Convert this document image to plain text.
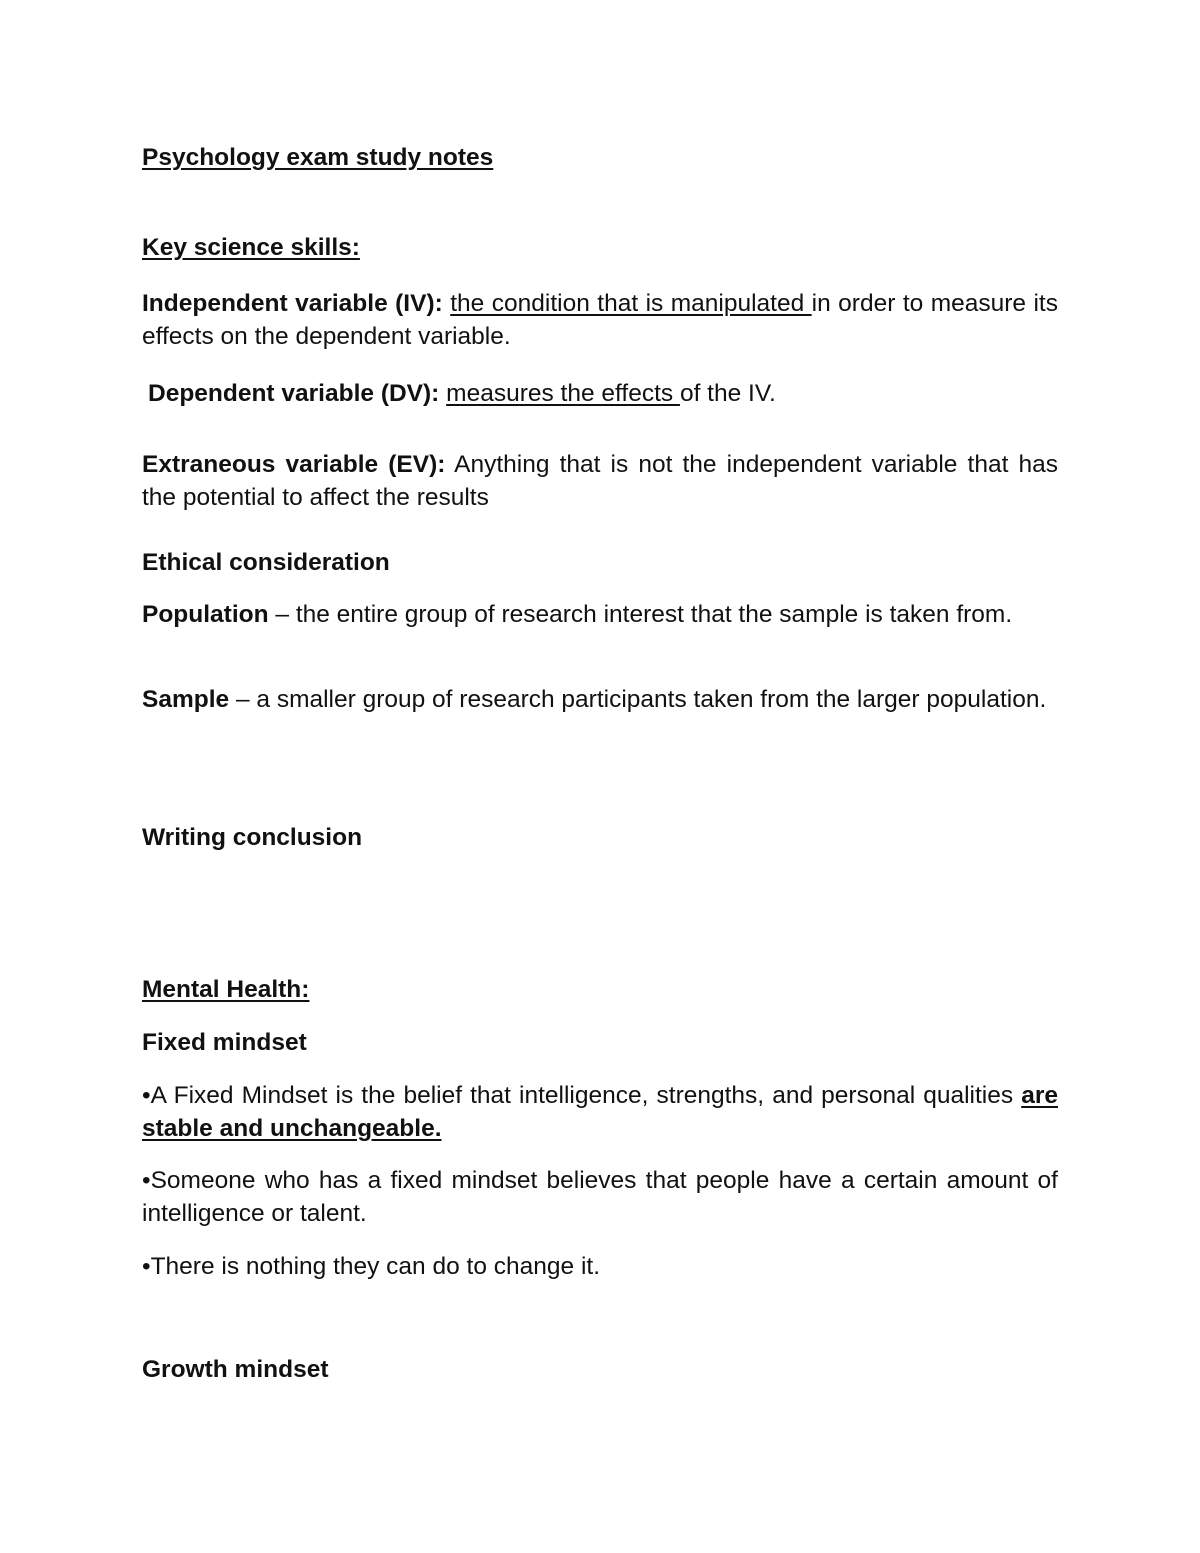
Psychology exam study notes

Key science skills:

Independent variable (IV): the condition that is manipulated in order to measure its effects on the dependent variable.

Dependent variable (DV): measures the effects of the IV.

Extraneous variable (EV): Anything that is not the independent variable that has the potential to affect the results

Ethical consideration

Population – the entire group of research interest that the sample is taken from.

Sample – a smaller group of research participants taken from the larger population.

Writing conclusion

Mental Health:

Fixed mindset

•A Fixed Mindset is the belief that intelligence, strengths, and personal qualities are stable and unchangeable.

•Someone who has a fixed mindset believes that people have a certain amount of intelligence or talent.

•There is nothing they can do to change it.

Growth mindset
